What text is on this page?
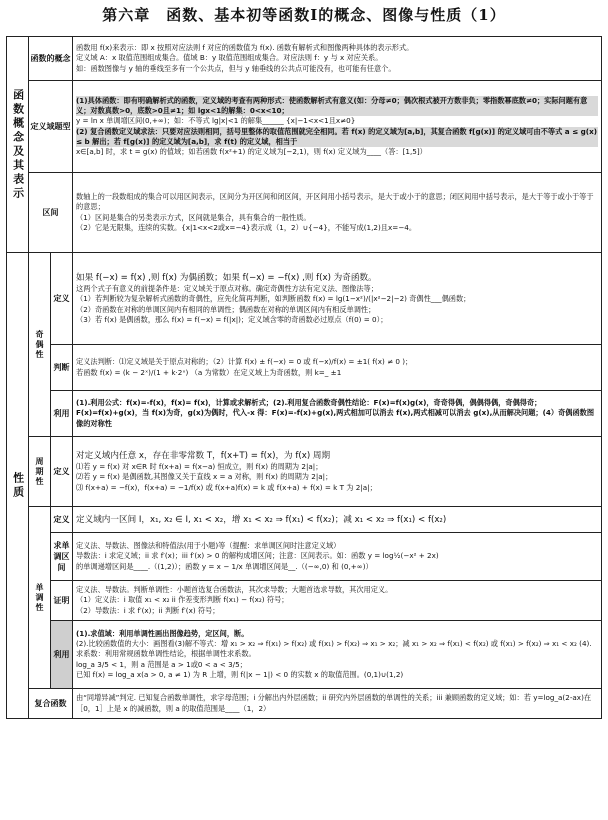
第六章　函数、基本初等函数Ⅰ的概念、图像与性质（1）
函数概念及其表示	函数的概念		函数用 f(x)来表示：即 x 按照对应法则 f 对应的函数值为 f(x). 函数有解析式和图像两种具体的表示形式。

定义域 A：x 取值范围组成集合。值域 B：y 取值范围组成集合。对应法则 f：y 与 x 对应关系。

如：函数图像与 y 轴的垂线至多有一个公共点，但与 y 轴垂线的公共点可能没有，也可能有任意个。

	定义域题型		(1)具体函数：即有明确解析式的函数，定义域的考查有两种形式：使函数解析式有意义(如：分母≠0；偶次根式被开方数非负；零指数幂底数≠0；实际问题有意义；对数真数>0，底数>0且≠1；如 lgx<1的解集：0<x<10；

y = ln x 单调增区间(0,+∞)；如：不等式 lg|x|<1 的解集______ {x|−1<x<1且x≠0}

(2) 复合函数定义域求法：只要对应法则相同，括号里整体的取值范围就完全相同。若 f(x) 的定义域为[a,b]，其复合函数 f[g(x)] 的定义域可由不等式 a ≤ g(x) ≤ b 解出；若 f[g(x)] 的定义域为[a,b]，求 f(t) 的定义域，相当于

x∈[a,b] 时，求 t = g(x) 的值域；如若函数 f(x²+1) 的定义域为[−2,1)，则 f(x) 定义域为____（答：[1,5]）

	区间		数轴上的一段数组成的集合可以用区间表示，区间分为开区间和闭区间，开区间用小括号表示，是大于或小于的意思；闭区间用中括号表示，是大于等于或小于等于的意思；

（1）区间是集合的另类表示方式，区间就是集合，具有集合的一般性质。

（2）它是无限集，连续的实数。{x|1<x<2或x=−4}表示成（1，2）∪{−4}，不能写成(1,2)且x=−4。

性质	奇偶性	定义	如果 f(−x) = f(x) ,则 f(x) 为偶函数；如果 f(−x) = −f(x) ,则 f(x) 为奇函数。

这两个式子有意义的前提条件是：定义域关于原点对称。确定奇偶性方法有定义法、图像法等；

（1）若判断较为复杂解析式函数的奇偶性，应先化简再判断，如判断函数 f(x) = lg(1−x²)/(|x²−2|−2) 奇偶性___偶函数；

（2）奇函数在对称的单调区间内有相同的单调性；偶函数在对称的单调区间内有相反单调性；

（3）若 f(x) 是偶函数，那么 f(x) = f(−x) = f(|x|)；定义域含零的奇函数必过原点（f(0) = 0）；

		判断	定义法判断：⑴定义域是关于原点对称的；（2）计算 f(x) ± f(−x) = 0 或 f(−x)/f(x) = ±1( f(x) ≠ 0 )；

若函数 f(x) = (k − 2ˣ)/(1 + k·2ˣ) （a 为常数）在定义域上为奇函数，则 k=_ ±1

		利用	(1).利用公式：f(x)=-f(x)，f(x)= f(x)，计算或求解析式；(2).利用复合函数奇偶性结论：F(x)=f(x)g(x)，奇奇得偶，偶偶得偶，奇偶得奇；F(x)=f(x)+g(x)，当 f(x)为奇，g(x)为偶时，代入-x 得：F(x)=-f(x)+g(x),两式相加可以消去 f(x),两式相减可以消去 g(x),从而解决问题；(4）奇偶函数图像的对称性

	周期性	定义	对定义域内任意 x，存在非零常数 T，f(x+T) = f(x)，为 f(x) 周期

⑴若 y = f(x) 对 x∈R 时 f(x+a) = f(x−a) 恒成立，则 f(x) 的周期为 2|a|；

⑵若 y = f(x) 是偶函数,其图像又关于直线 x = a 对称，则 f(x) 的周期为 2|a|；

⑶ f(x+a) = −f(x)，f(x+a) = −1/f(x) 或 f(x+a)f(x) = k 或 f(x+a) + f(x) = k T 为 2|a|；

	单调性	定义	定义域内一区间 I，x₁, x₂ ∈ I, x₁ < x₂，增 x₁ < x₂ ⇒ f(x₁) < f(x₂)；减 x₁ < x₂ ⇒ f(x₁) < f(x₂)

		求单调区间	定义法、导数法、图像法和特值法(用于小题)等（提醒：求单调区间时注意定义域）

导数法：i 求定义域；ii 求 f′(x)；iii f′(x) > 0 的解构成增区间；注意：区间表示。如：函数 y = log½(−x² + 2x)

的单调递增区间是____.（(1,2)）；函数 y = x − 1/x 单调增区间是__.（(−∞,0) 和 (0,+∞)）

		证明	定义法、导数法。判断单调性：小题首选复合函数法，其次求导数；大题首选求导数，其次用定义。

（1）定义法：i 取值 x₁ < x₂ ii 作差变形判断 f(x₁) − f(x₂) 符号；

（2）导数法：i 求 f′(x)；ii 判断 f′(x) 符号；

		利用	(1).求值域：利用单调性画出图像趋势，定区间，断。

(2).比较函数值的大小：画图看(3)解不等式：增 x₁ > x₂ ⇒ f(x₁) > f(x₂) 或 f(x₁) > f(x₂) ⇒ x₁ > x₂；减 x₁ > x₂ ⇒ f(x₁) < f(x₂) 或 f(x₁) > f(x₂) ⇒ x₁ < x₂ (4).求系数：利用常规函数单调性结论，根据单调性求系数。

log_a 3/5 < 1，则 a 范围是 a > 1或0 < a < 3/5；

已知 f(x) = log_a x(a > 0, a ≠ 1) 为 R 上增，则 f(|x − 1|) < 0 的实数 x 的取值范围。(0,1)∪(1,2)

	复合函数		由“同增异减”判定. 已知复合函数单调性，求字母范围；i 分解出内外层函数；ii 研究内外层函数的单调性的关系；iii 兼顾函数的定义域；如：若 y=log_a(2-ax)在［0，1］上是 x 的减函数，则 a 的取值范围是____（1，2）
